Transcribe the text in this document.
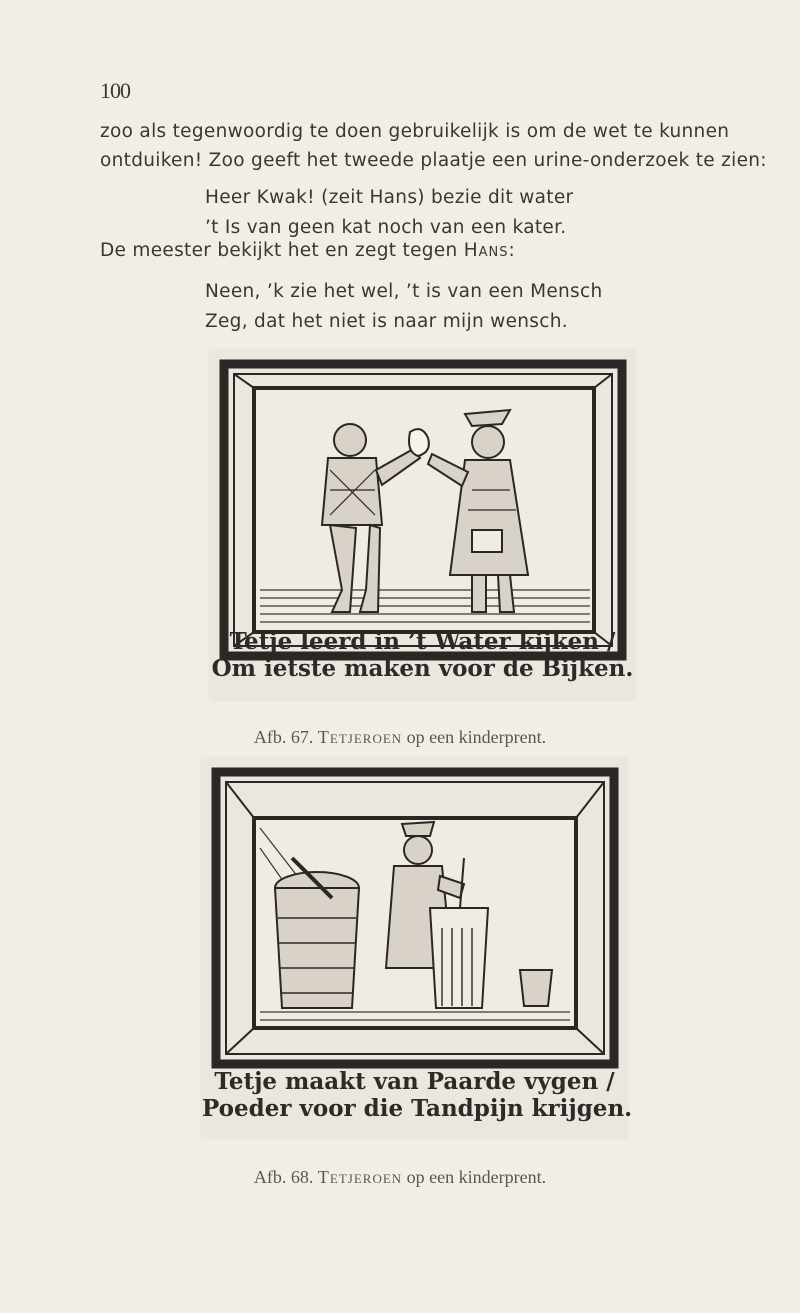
100
zoo als tegenwoordig te doen gebruikelijk is om de wet te kunnen
ontduiken! Zoo geeft het tweede plaatje een urine-onderzoek te zien:
Heer Kwak! (zeit Hans) bezie dit water
’t Is van geen kat noch van een kater.
De meester bekijkt het en zegt tegen Hans:
Neen, ’k zie het wel, ’t is van een Mensch
Zeg, dat het niet is naar mijn wensch.
Tetje leerd in ’t Water kijken /
Om ietste maken voor de Bijken.
Afb. 67. Tetjeroen op een kinderprent.
Tetje maakt van Paarde vygen /
Poeder voor die Tandpijn krijgen.
Afb. 68. Tetjeroen op een kinderprent.
